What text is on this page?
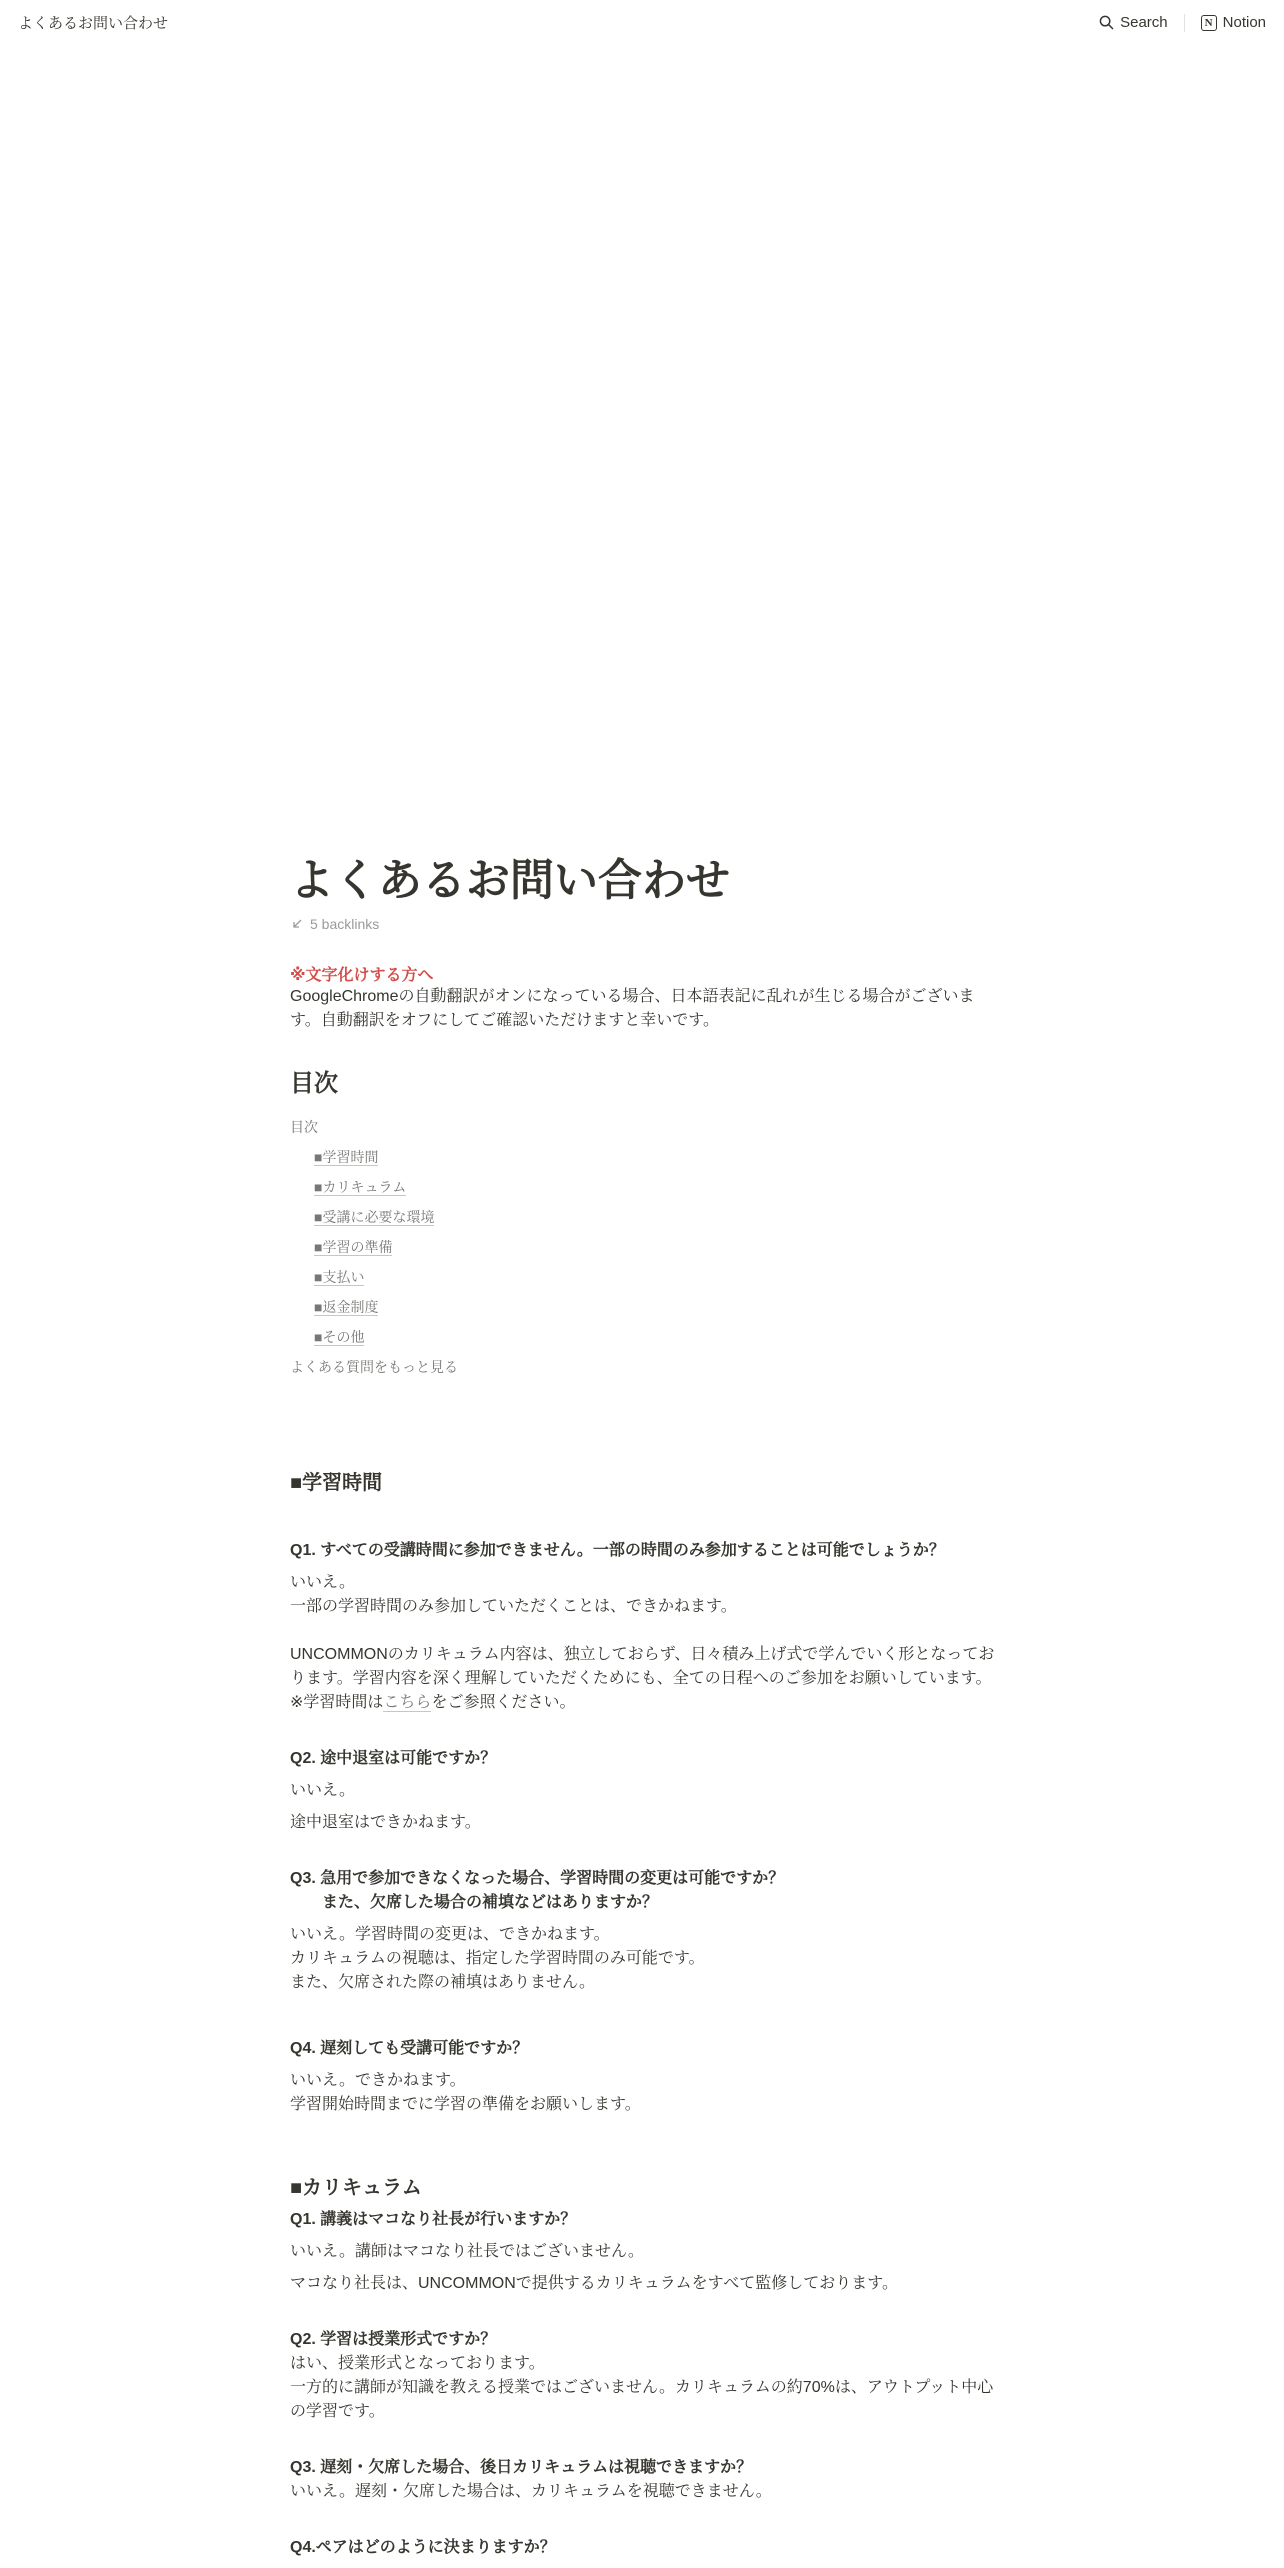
よくあるお問い合わせ	Search	N Notion
よくあるお問い合わせ
5 backlinks
※文字化けする方へ

GoogleChromeの自動翻訳がオンになっている場合、日本語表記に乱れが生じる場合がございます。自動翻訳をオフにしてご確認いただけますと幸いです。

目次
目次
■学習時間
■カリキュラム
■受講に必要な環境
■学習の準備
■支払い
■返金制度
■その他
よくある質問をもっと見る
■学習時間
Q1. すべての受講時間に参加できません。一部の時間のみ参加することは可能でしょうか？

いいえ。

一部の学習時間のみ参加していただくことは、できかねます。

UNCOMMONのカリキュラム内容は、独立しておらず、日々積み上げ式で学んでいく形となっております。学習内容を深く理解していただくためにも、全ての日程へのご参加をお願いしています。

※学習時間はこちらをご参照ください。

Q2. 途中退室は可能ですか？

いいえ。

途中退室はできかねます。

Q3. 急用で参加できなくなった場合、学習時間の変更は可能ですか？
また、欠席した場合の補填などはありますか？

いいえ。学習時間の変更は、できかねます。

カリキュラムの視聴は、指定した学習時間のみ可能です。

また、欠席された際の補填はありません。

Q4. 遅刻しても受講可能ですか？

いいえ。できかねます。

学習開始時間までに学習の準備をお願いします。

■カリキュラム
Q1. 講義はマコなり社長が行いますか？

いいえ。講師はマコなり社長ではございません。

マコなり社長は、UNCOMMONで提供するカリキュラムをすべて監修しております。

Q2. 学習は授業形式ですか？

はい、授業形式となっております。

一方的に講師が知識を教える授業ではございません。カリキュラムの約70%は、アウトプット中心の学習です。

Q3. 遅刻・欠席した場合、後日カリキュラムは視聴できますか？

いいえ。遅刻・欠席した場合は、カリキュラムを視聴できません。

Q4.ペアはどのように決まりますか？
